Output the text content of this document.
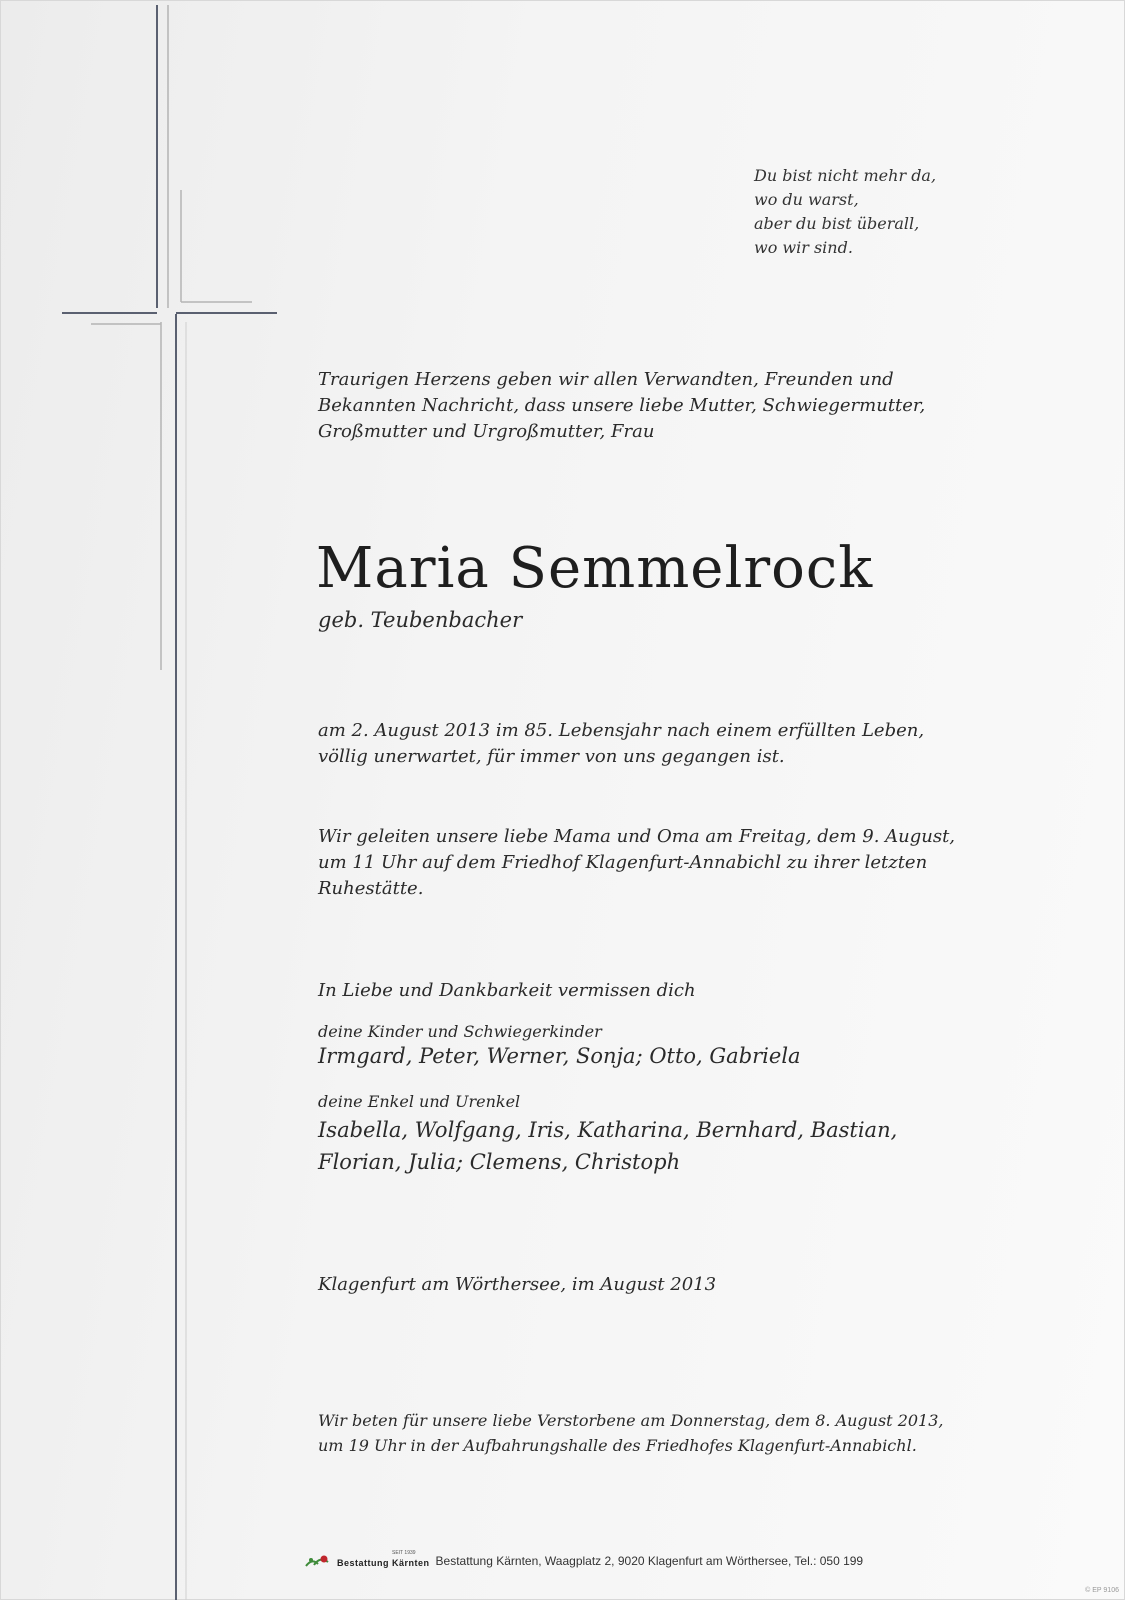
Du bist nicht mehr da,
wo du warst,
aber du bist überall,
wo wir sind.
Traurigen Herzens geben wir allen Verwandten, Freunden und
Bekannten Nachricht, dass unsere liebe Mutter, Schwiegermutter,
Großmutter und Urgroßmutter, Frau
Maria Semmelrock
geb. Teubenbacher
am 2. August 2013 im 85. Lebensjahr nach einem erfüllten Leben,
völlig unerwartet, für immer von uns gegangen ist.
Wir geleiten unsere liebe Mama und Oma am Freitag, dem 9. August,
um 11 Uhr auf dem Friedhof Klagenfurt-Annabichl zu ihrer letzten
Ruhestätte.
In Liebe und Dankbarkeit vermissen dich
deine Kinder und Schwiegerkinder
Irmgard, Peter, Werner, Sonja; Otto, Gabriela
deine Enkel und Urenkel
Isabella, Wolfgang, Iris, Katharina, Bernhard, Bastian,
Florian, Julia; Clemens, Christoph
Klagenfurt am Wörthersee, im August 2013
Wir beten für unsere liebe Verstorbene am Donnerstag, dem 8. August 2013,
um 19 Uhr in der Aufbahrungshalle des Friedhofes Klagenfurt-Annabichl.
SEIT 1939
Bestattung Kärnten Bestattung Kärnten, Waagplatz 2, 9020 Klagenfurt am Wörthersee, Tel.: 050 199
© EP 9106
